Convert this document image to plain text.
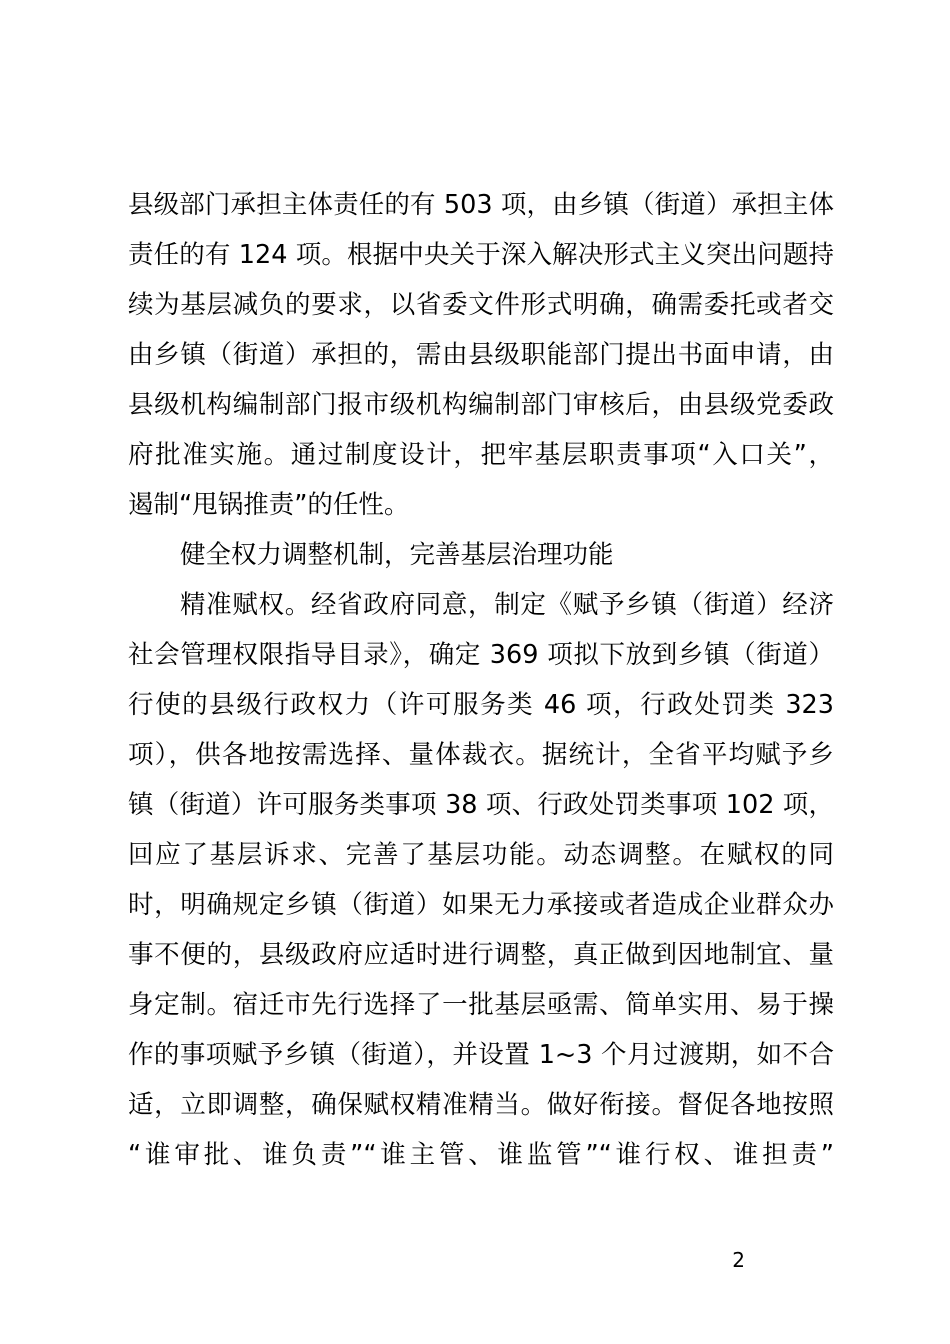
县级部门承担主体责任的有 503 项，由乡镇（街道）承担主体
责任的有 124 项。根据中央关于深入解决形式主义突出问题持
续为基层减负的要求，以省委文件形式明确，确需委托或者交
由乡镇（街道）承担的，需由县级职能部门提出书面申请，由
县级机构编制部门报市级机构编制部门审核后，由县级党委政
府批准实施。通过制度设计，把牢基层职责事项“入口关”，
遏制“甩锅推责”的任性。
健全权力调整机制，完善基层治理功能
精准赋权。经省政府同意，制定《赋予乡镇（街道）经济
社会管理权限指导目录》，确定 369 项拟下放到乡镇（街道）
行使的县级行政权力（许可服务类 46 项，行政处罚类 323
项），供各地按需选择、量体裁衣。据统计，全省平均赋予乡
镇（街道）许可服务类事项 38 项、行政处罚类事项 102 项，
回应了基层诉求、完善了基层功能。动态调整。在赋权的同
时，明确规定乡镇（街道）如果无力承接或者造成企业群众办
事不便的，县级政府应适时进行调整，真正做到因地制宜、量
身定制。宿迁市先行选择了一批基层亟需、简单实用、易于操
作的事项赋予乡镇（街道），并设置 1~3 个月过渡期，如不合
适，立即调整，确保赋权精准精当。做好衔接。督促各地按照
“谁审批、谁负责”“谁主管、谁监管”“谁行权、谁担责”
2
